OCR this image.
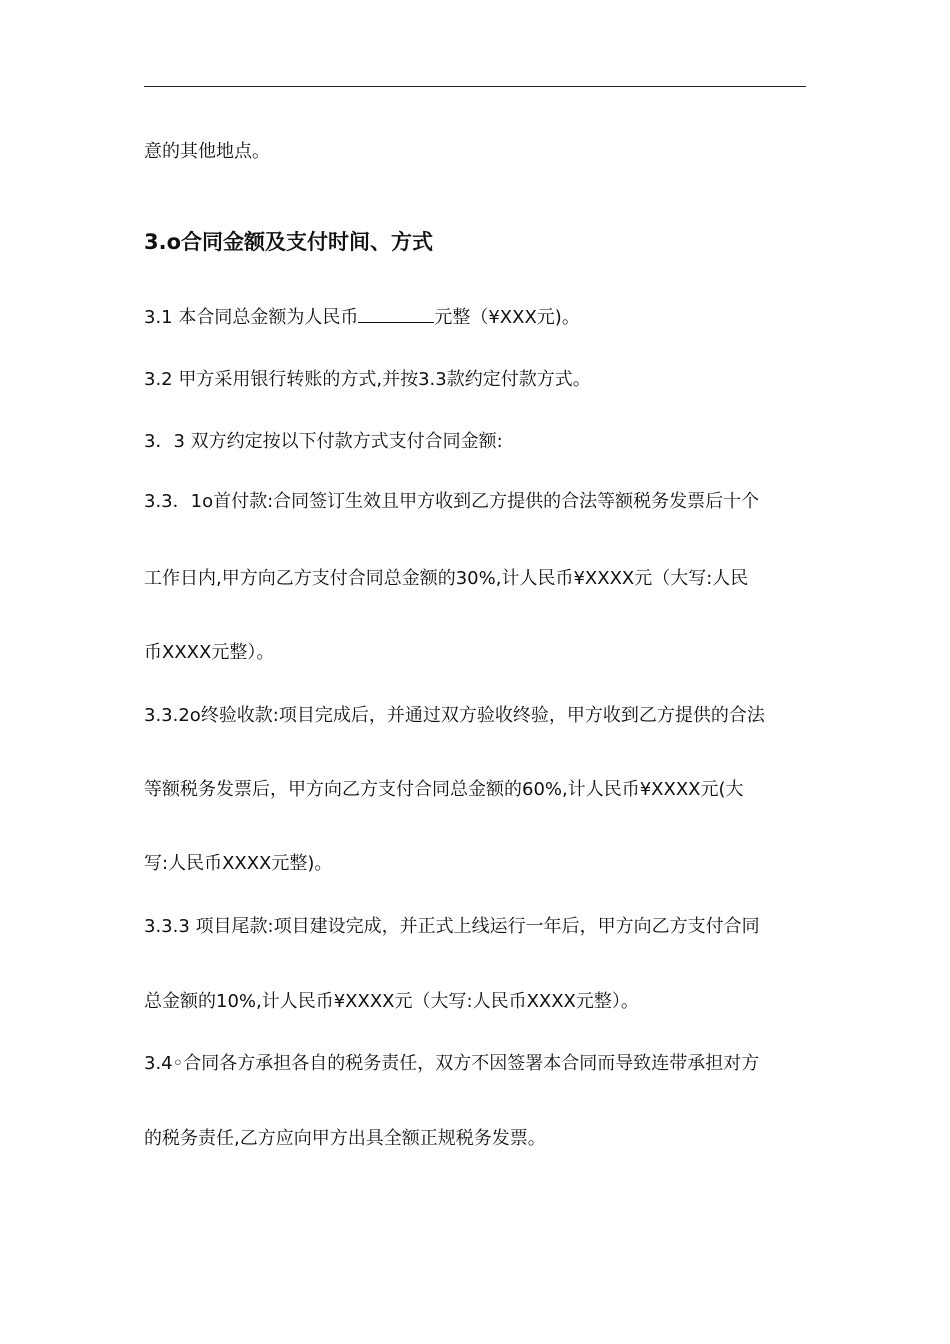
意的其他地点。
3.o合同金额及支付时间、方式
3.1 本合同总金额为人民币	元整（¥XXX元)。
3.2 甲方采用银行转账的方式,并按3.3款约定付款方式。
3．3 双方约定按以下付款方式支付合同金额:
3.3．1o首付款:合同签订生效且甲方收到乙方提供的合法等额税务发票后十个
工作日内,甲方向乙方支付合同总金额的30%,计人民币¥XXXX元（大写:人民
币XXXX元整）。
3.3.2o终验收款:项目完成后，并通过双方验收终验，甲方收到乙方提供的合法
等额税务发票后，甲方向乙方支付合同总金额的60%,计人民币¥XXXX元(大
写:人民币XXXX元整)。
3.3.3 项目尾款:项目建设完成，并正式上线运行一年后，甲方向乙方支付合同
总金额的10%,计人民币¥XXXX元（大写:人民币XXXX元整）。
3.4◦合同各方承担各自的税务责任，双方不因签署本合同而导致连带承担对方
的税务责任,乙方应向甲方出具全额正规税务发票。
